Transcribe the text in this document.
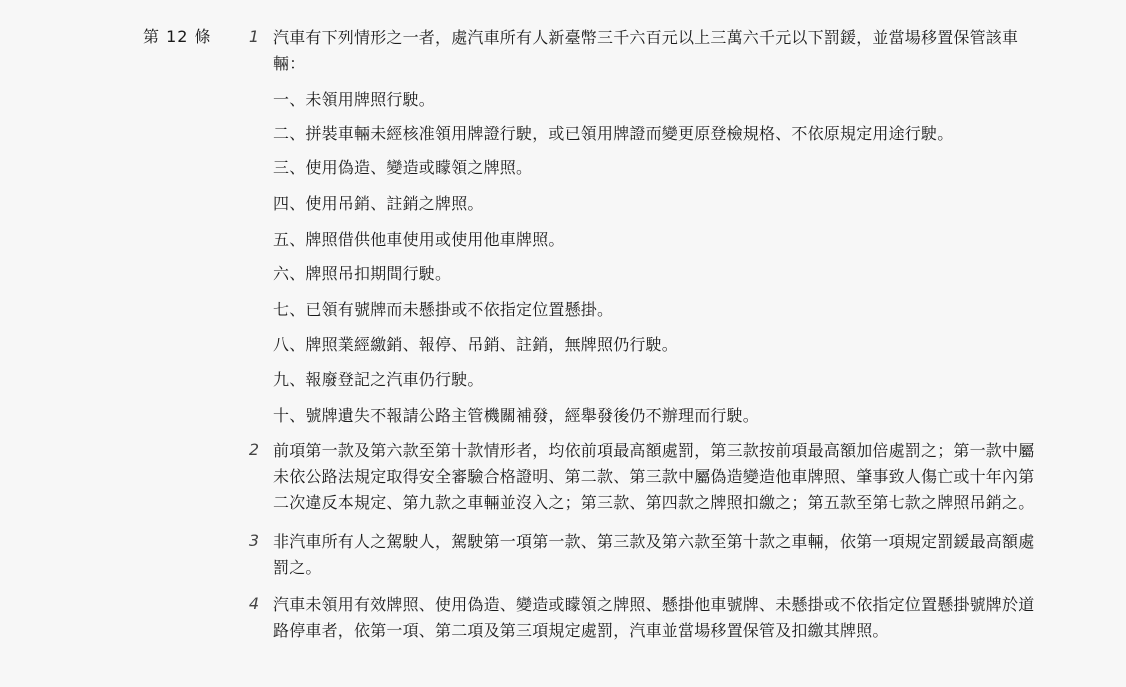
第 12 條	1 汽車有下列情形之一者，處汽車所有人新臺幣三千六百元以上三萬六千元以下罰鍰，並當場移置保管該車輛：
一、未領用牌照行駛。
二、拼裝車輛未經核准領用牌證行駛，或已領用牌證而變更原登檢規格、不依原規定用途行駛。
三、使用偽造、變造或矇領之牌照。
四、使用吊銷、註銷之牌照。
五、牌照借供他車使用或使用他車牌照。
六、牌照吊扣期間行駛。
七、已領有號牌而未懸掛或不依指定位置懸掛。
八、牌照業經繳銷、報停、吊銷、註銷，無牌照仍行駛。
九、報廢登記之汽車仍行駛。
十、號牌遺失不報請公路主管機關補發，經舉發後仍不辦理而行駛。
2 前項第一款及第六款至第十款情形者，均依前項最高額處罰，第三款按前項最高額加倍處罰之；第一款中屬未依公路法規定取得安全審驗合格證明、第二款、第三款中屬偽造變造他車牌照、肇事致人傷亡或十年內第二次違反本規定、第九款之車輛並沒入之；第三款、第四款之牌照扣繳之；第五款至第七款之牌照吊銷之。
3 非汽車所有人之駕駛人，駕駛第一項第一款、第三款及第六款至第十款之車輛，依第一項規定罰鍰最高額處罰之。
4 汽車未領用有效牌照、使用偽造、變造或矇領之牌照、懸掛他車號牌、未懸掛或不依指定位置懸掛號牌於道路停車者，依第一項、第二項及第三項規定處罰，汽車並當場移置保管及扣繳其牌照。
